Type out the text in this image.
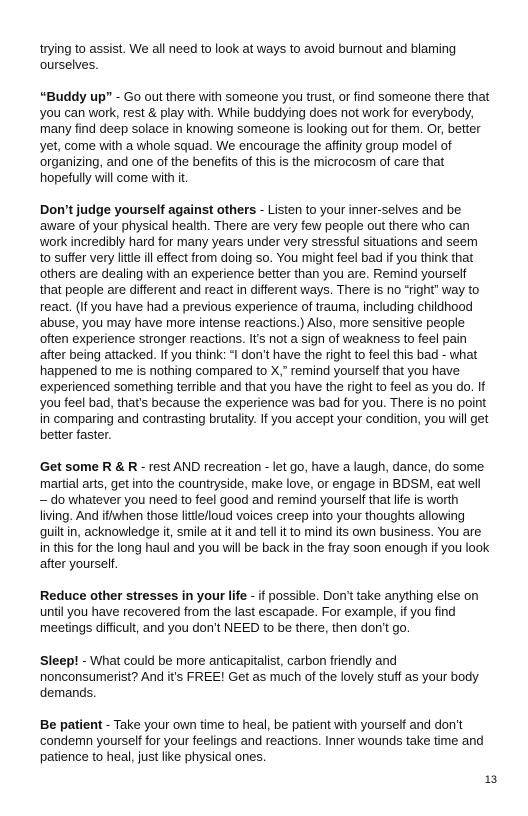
trying to assist. We all need to look at ways to avoid burnout and blaming ourselves.

“Buddy up” - Go out there with someone you trust, or find someone there that you can work, rest & play with. While buddying does not work for everybody, many find deep solace in knowing someone is looking out for them. Or, better yet, come with a whole squad. We encourage the affinity group model of organizing, and one of the benefits of this is the microcosm of care that hopefully will come with it.

Don’t judge yourself against others - Listen to your inner-selves and be aware of your physical health. There are very few people out there who can work incredibly hard for many years under very stressful situations and seem to suffer very little ill effect from doing so. You might feel bad if you think that others are dealing with an experience better than you are. Remind yourself that people are different and react in different ways. There is no “right” way to react. (If you have had a previous experience of trauma, including childhood abuse, you may have more intense reactions.) Also, more sensitive people often experience stronger reactions. It’s not a sign of weakness to feel pain after being attacked. If you think: “I don’t have the right to feel this bad - what happened to me is nothing compared to X,” remind yourself that you have experienced something terrible and that you have the right to feel as you do. If you feel bad, that’s because the experience was bad for you. There is no point in comparing and contrasting brutality. If you accept your condition, you will get better faster.

Get some R & R - rest AND recreation - let go, have a laugh, dance, do some martial arts, get into the countryside, make love, or engage in BDSM, eat well – do whatever you need to feel good and remind yourself that life is worth living. And if/when those little/loud voices creep into your thoughts allowing guilt in, acknowledge it, smile at it and tell it to mind its own business. You are in this for the long haul and you will be back in the fray soon enough if you look after yourself.

Reduce other stresses in your life - if possible. Don’t take anything else on until you have recovered from the last escapade. For example, if you find meetings difficult, and you don’t NEED to be there, then don’t go.

Sleep! - What could be more anticapitalist, carbon friendly and nonconsumerist? And it’s FREE! Get as much of the lovely stuff as your body demands.

Be patient - Take your own time to heal, be patient with yourself and don’t condemn yourself for your feelings and reactions. Inner wounds take time and patience to heal, just like physical ones.

13
